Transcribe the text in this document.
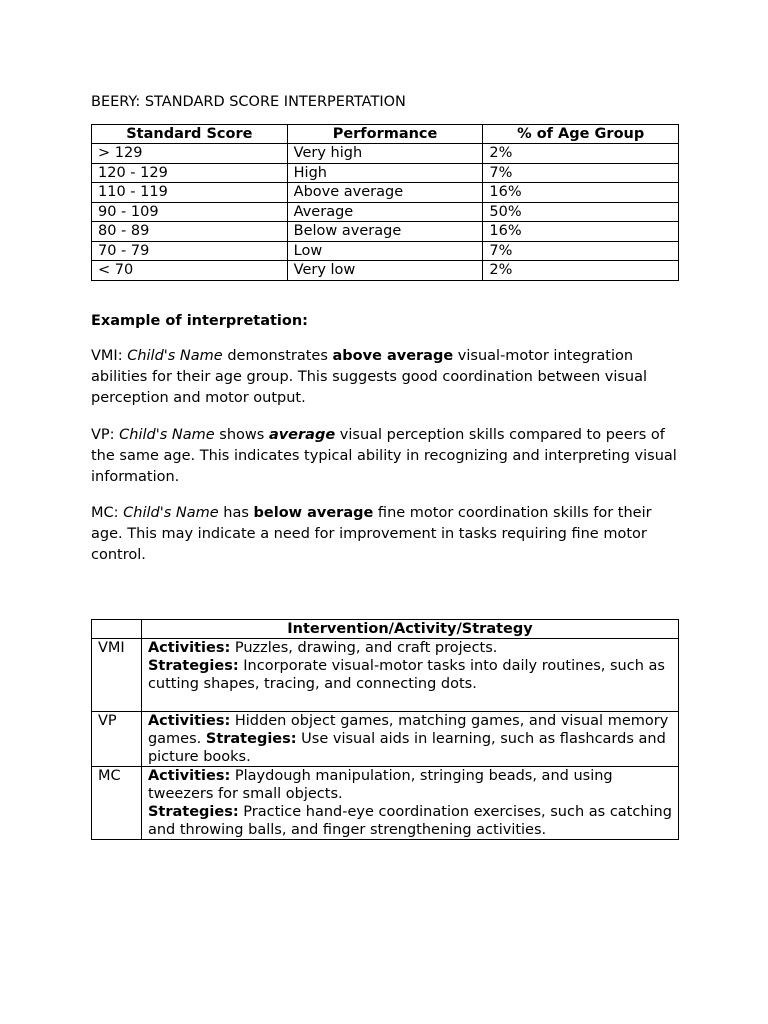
BEERY: STANDARD SCORE INTERPERTATION
Standard Score	Performance	% of Age Group
> 129	Very high	2%
120 - 129	High	7%
110 - 119	Above average	16%
90 - 109	Average	50%
80 - 89	Below average	16%
70 - 79	Low	7%
< 70	Very low	2%
Example of interpretation:

VMI: Child's Name demonstrates above average visual-motor integration abilities for their age group. This suggests good coordination between visual perception and motor output.

VP: Child's Name shows average visual perception skills compared to peers of the same age. This indicates typical ability in recognizing and interpreting visual information.

MC: Child's Name has below average fine motor coordination skills for their age. This may indicate a need for improvement in tasks requiring fine motor control.

	Intervention/Activity/Strategy
VMI	Activities: Puzzles, drawing, and craft projects.
Strategies: Incorporate visual-motor tasks into daily routines, such as cutting shapes, tracing, and connecting dots.
VP	Activities: Hidden object games, matching games, and visual memory games. Strategies: Use visual aids in learning, such as flashcards and picture books.
MC	Activities: Playdough manipulation, stringing beads, and using tweezers for small objects.
Strategies: Practice hand-eye coordination exercises, such as catching and throwing balls, and finger strengthening activities.
